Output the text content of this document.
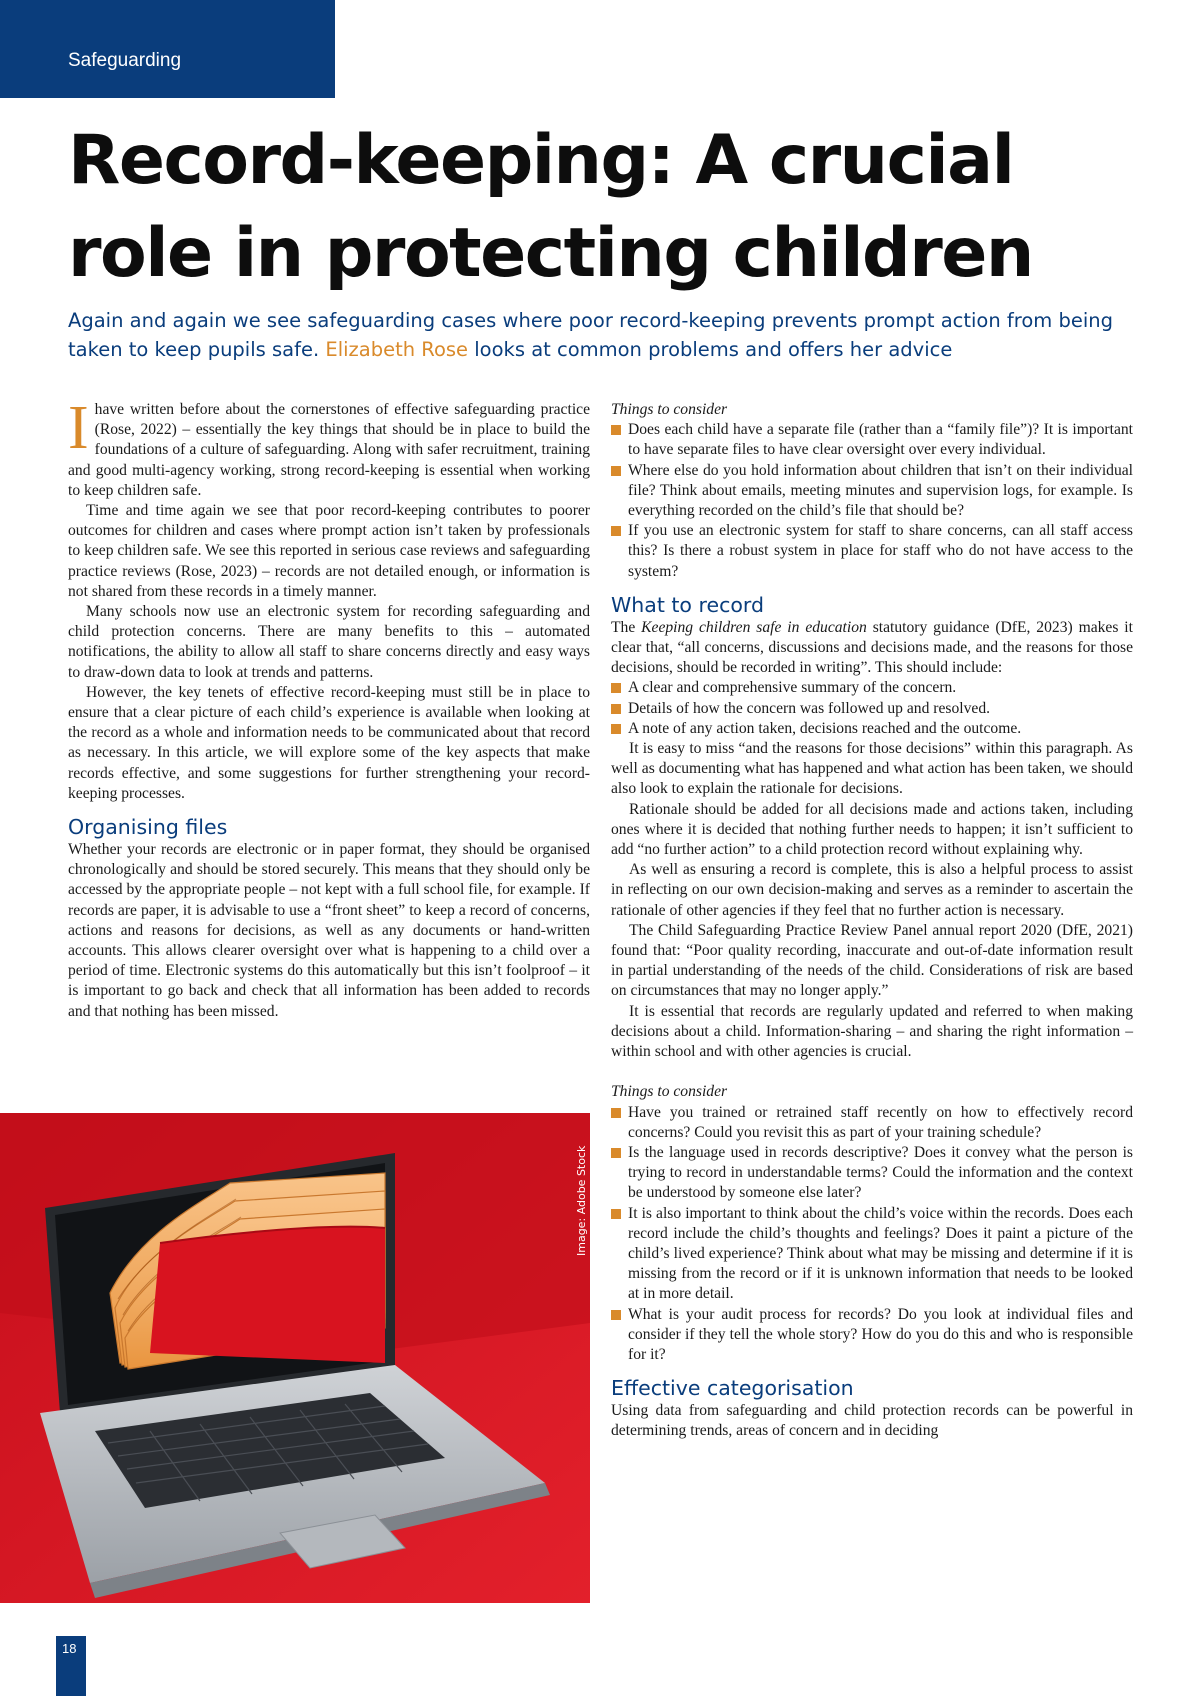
Safeguarding
Record-keeping: A crucial role in protecting children

Again and again we see safeguarding cases where poor record-keeping prevents prompt action from being taken to keep pupils safe. Elizabeth Rose looks at common problems and offers her advice

Ihave written before about the cornerstones of effective safeguarding practice (Rose, 2022) – essentially the key things that should be in place to build the foundations of a culture of safeguarding. Along with safer recruitment, training and good multi-agency working, strong record-keeping is essential when working to keep children safe.

Time and time again we see that poor record-keeping contributes to poorer outcomes for children and cases where prompt action isn’t taken by professionals to keep children safe. We see this reported in serious case reviews and safeguarding practice reviews (Rose, 2023) – records are not detailed enough, or information is not shared from these records in a timely manner.

Many schools now use an electronic system for recording safeguarding and child protection concerns. There are many benefits to this – automated notifications, the ability to allow all staff to share concerns directly and easy ways to draw-down data to look at trends and patterns.

However, the key tenets of effective record-keeping must still be in place to ensure that a clear picture of each child’s experience is available when looking at the record as a whole and information needs to be communicated about that record as necessary. In this article, we will explore some of the key aspects that make records effective, and some suggestions for further strengthening your record-keeping processes.

Organising files

Whether your records are electronic or in paper format, they should be organised chronologically and should be stored securely. This means that they should only be accessed by the appropriate people – not kept with a full school file, for example. If records are paper, it is advisable to use a “front sheet” to keep a record of concerns, actions and reasons for decisions, as well as any documents or hand-written accounts. This allows clearer oversight over what is happening to a child over a period of time. Electronic systems do this automatically but this isn’t foolproof – it is important to go back and check that all information has been added to records and that nothing has been missed.

Image: Adobe Stock

Things to consider

Does each child have a separate file (rather than a “family file”)? It is important to have separate files to have clear oversight over every individual.
Where else do you hold information about children that isn’t on their individual file? Think about emails, meeting minutes and supervision logs, for example. Is everything recorded on the child’s file that should be?
If you use an electronic system for staff to share concerns, can all staff access this? Is there a robust system in place for staff who do not have access to the system?
What to record

The Keeping children safe in education statutory guidance (DfE, 2023) makes it clear that, “all concerns, discussions and decisions made, and the reasons for those decisions, should be recorded in writing”. This should include:

A clear and comprehensive summary of the concern.
Details of how the concern was followed up and resolved.
A note of any action taken, decisions reached and the outcome.

It is easy to miss “and the reasons for those decisions” within this paragraph. As well as documenting what has happened and what action has been taken, we should also look to explain the rationale for decisions.

Rationale should be added for all decisions made and actions taken, including ones where it is decided that nothing further needs to happen; it isn’t sufficient to add “no further action” to a child protection record without explaining why.

As well as ensuring a record is complete, this is also a helpful process to assist in reflecting on our own decision-making and serves as a reminder to ascertain the rationale of other agencies if they feel that no further action is necessary.

The Child Safeguarding Practice Review Panel annual report 2020 (DfE, 2021) found that: “Poor quality recording, inaccurate and out-of-date information result in partial understanding of the needs of the child. Considerations of risk are based on circumstances that may no longer apply.”

It is essential that records are regularly updated and referred to when making decisions about a child. Information-sharing – and sharing the right information – within school and with other agencies is crucial.

Things to consider

Have you trained or retrained staff recently on how to effectively record concerns? Could you revisit this as part of your training schedule?
Is the language used in records descriptive? Does it convey what the person is trying to record in understandable terms? Could the information and the context be understood by someone else later?
It is also important to think about the child’s voice within the records. Does each record include the child’s thoughts and feelings? Does it paint a picture of the child’s lived experience? Think about what may be missing and determine if it is missing from the record or if it is unknown information that needs to be looked at in more detail.
What is your audit process for records? Do you look at individual files and consider if they tell the whole story? How do you do this and who is responsible for it?
Effective categorisation

Using data from safeguarding and child protection records can be powerful in determining trends, areas of concern and in deciding

18
